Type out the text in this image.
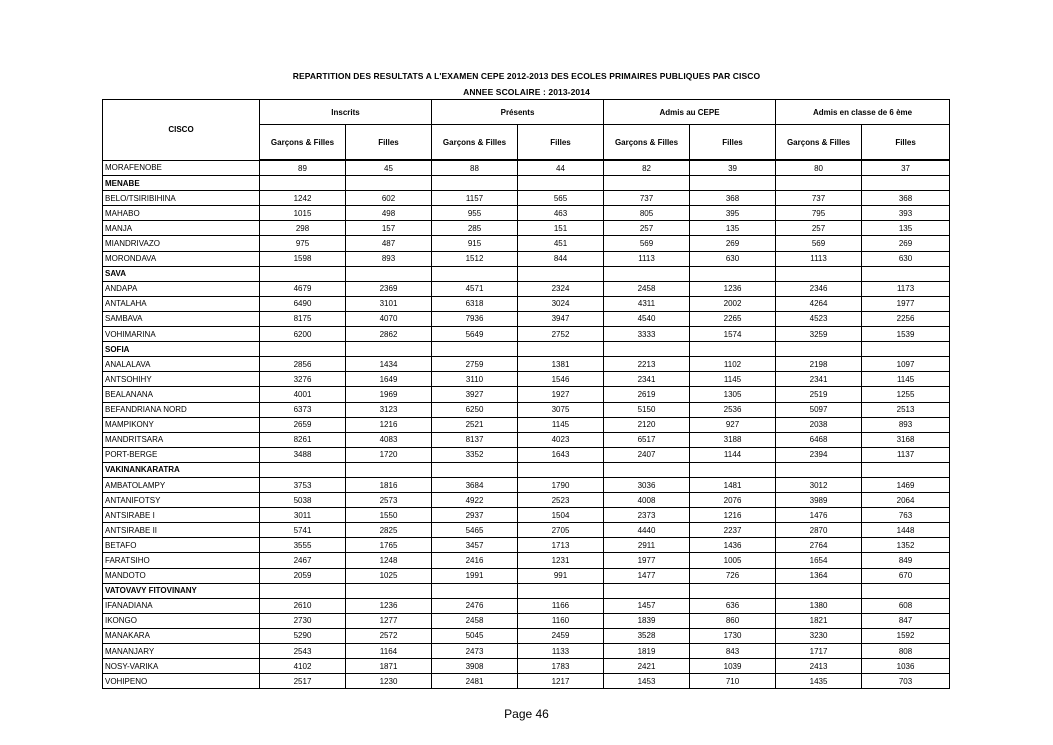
REPARTITION DES RESULTATS A L'EXAMEN CEPE 2012-2013 DES ECOLES PRIMAIRES PUBLIQUES PAR CISCO
ANNEE SCOLAIRE : 2013-2014
CISCO	Inscrits		Présents		Admis au CEPE		Admis en classe de 6 ème	
	Garçons & Filles	Filles	Garçons & Filles	Filles	Garçons & Filles	Filles	Garçons & Filles	Filles
MORAFENOBE	89	45	88	44	82	39	80	37
MENABE								
BELO/TSIRIBIHINA	1242	602	1157	565	737	368	737	368
MAHABO	1015	498	955	463	805	395	795	393
MANJA	298	157	285	151	257	135	257	135
MIANDRIVAZO	975	487	915	451	569	269	569	269
MORONDAVA	1598	893	1512	844	1113	630	1113	630
SAVA								
ANDAPA	4679	2369	4571	2324	2458	1236	2346	1173
ANTALAHA	6490	3101	6318	3024	4311	2002	4264	1977
SAMBAVA	8175	4070	7936	3947	4540	2265	4523	2256
VOHIMARINA	6200	2862	5649	2752	3333	1574	3259	1539
SOFIA								
ANALALAVA	2856	1434	2759	1381	2213	1102	2198	1097
ANTSOHIHY	3276	1649	3110	1546	2341	1145	2341	1145
BEALANANA	4001	1969	3927	1927	2619	1305	2519	1255
BEFANDRIANA NORD	6373	3123	6250	3075	5150	2536	5097	2513
MAMPIKONY	2659	1216	2521	1145	2120	927	2038	893
MANDRITSARA	8261	4083	8137	4023	6517	3188	6468	3168
PORT-BERGE	3488	1720	3352	1643	2407	1144	2394	1137
VAKINANKARATRA								
AMBATOLAMPY	3753	1816	3684	1790	3036	1481	3012	1469
ANTANIFOTSY	5038	2573	4922	2523	4008	2076	3989	2064
ANTSIRABE I	3011	1550	2937	1504	2373	1216	1476	763
ANTSIRABE II	5741	2825	5465	2705	4440	2237	2870	1448
BETAFO	3555	1765	3457	1713	2911	1436	2764	1352
FARATSIHO	2467	1248	2416	1231	1977	1005	1654	849
MANDOTO	2059	1025	1991	991	1477	726	1364	670
VATOVAVY FITOVINANY								
IFANADIANA	2610	1236	2476	1166	1457	636	1380	608
IKONGO	2730	1277	2458	1160	1839	860	1821	847
MANAKARA	5290	2572	5045	2459	3528	1730	3230	1592
MANANJARY	2543	1164	2473	1133	1819	843	1717	808
NOSY-VARIKA	4102	1871	3908	1783	2421	1039	2413	1036
VOHIPENO	2517	1230	2481	1217	1453	710	1435	703
Page 46
